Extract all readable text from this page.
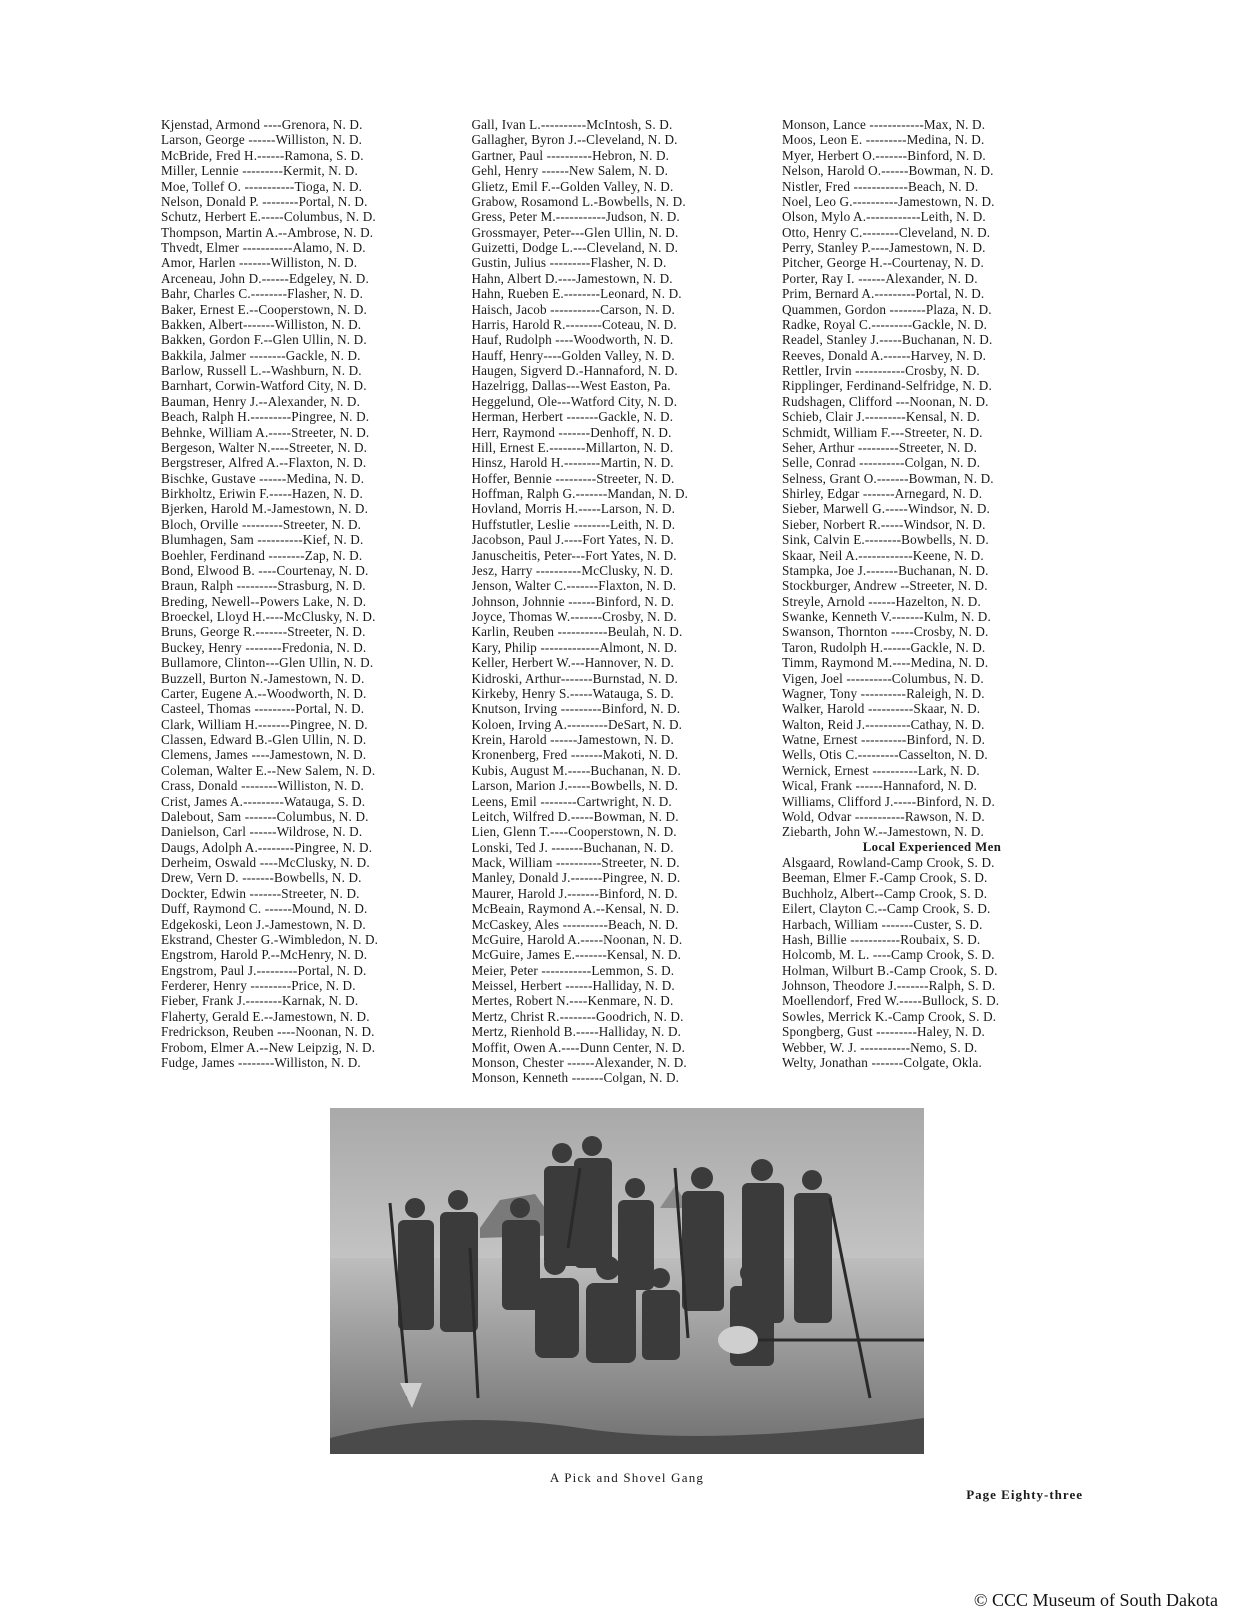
Kjenstad, Armond ----Grenora, N. D.
Larson, George ------Williston, N. D.
McBride, Fred H.------Ramona, S. D.
Miller, Lennie ---------Kermit, N. D.
Moe, Tollef O. -----------Tioga, N. D.
Nelson, Donald P. --------Portal, N. D.
Schutz, Herbert E.-----Columbus, N. D.
Thompson, Martin A.--Ambrose, N. D.
Thvedt, Elmer -----------Alamo, N. D.
Amor, Harlen -------Williston, N. D.
Arceneau, John D.------Edgeley, N. D.
Bahr, Charles C.--------Flasher, N. D.
Baker, Ernest E.--Cooperstown, N. D.
Bakken, Albert-------Williston, N. D.
Bakken, Gordon F.--Glen Ullin, N. D.
Bakkila, Jalmer --------Gackle, N. D.
Barlow, Russell L.--Washburn, N. D.
Barnhart, Corwin-Watford City, N. D.
Bauman, Henry J.--Alexander, N. D.
Beach, Ralph H.---------Pingree, N. D.
Behnke, William A.-----Streeter, N. D.
Bergeson, Walter N.----Streeter, N. D.
Bergstreser, Alfred A.--Flaxton, N. D.
Bischke, Gustave ------Medina, N. D.
Birkholtz, Eriwin F.-----Hazen, N. D.
Bjerken, Harold M.-Jamestown, N. D.
Bloch, Orville ---------Streeter, N. D.
Blumhagen, Sam ----------Kief, N. D.
Boehler, Ferdinand --------Zap, N. D.
Bond, Elwood B. ----Courtenay, N. D.
Braun, Ralph ---------Strasburg, N. D.
Breding, Newell--Powers Lake, N. D.
Broeckel, Lloyd H.----McClusky, N. D.
Bruns, George R.-------Streeter, N. D.
Buckey, Henry --------Fredonia, N. D.
Bullamore, Clinton---Glen Ullin, N. D.
Buzzell, Burton N.-Jamestown, N. D.
Carter, Eugene A.--Woodworth, N. D.
Casteel, Thomas ---------Portal, N. D.
Clark, William H.-------Pingree, N. D.
Classen, Edward B.-Glen Ullin, N. D.
Clemens, James ----Jamestown, N. D.
Coleman, Walter E.--New Salem, N. D.
Crass, Donald --------Williston, N. D.
Crist, James A.---------Watauga, S. D.
Dalebout, Sam -------Columbus, N. D.
Danielson, Carl ------Wildrose, N. D.
Daugs, Adolph A.--------Pingree, N. D.
Derheim, Oswald ----McClusky, N. D.
Drew, Vern D. -------Bowbells, N. D.
Dockter, Edwin -------Streeter, N. D.
Duff, Raymond C. ------Mound, N. D.
Edgekoski, Leon J.-Jamestown, N. D.
Ekstrand, Chester G.-Wimbledon, N. D.
Engstrom, Harold P.--McHenry, N. D.
Engstrom, Paul J.---------Portal, N. D.
Ferderer, Henry ---------Price, N. D.
Fieber, Frank J.--------Karnak, N. D.
Flaherty, Gerald E.--Jamestown, N. D.
Fredrickson, Reuben ----Noonan, N. D.
Frobom, Elmer A.--New Leipzig, N. D.
Fudge, James --------Williston, N. D.
Gall, Ivan L.----------McIntosh, S. D.
Gallagher, Byron J.--Cleveland, N. D.
Gartner, Paul ----------Hebron, N. D.
Gehl, Henry ------New Salem, N. D.
Glietz, Emil F.--Golden Valley, N. D.
Grabow, Rosamond L.-Bowbells, N. D.
Gress, Peter M.-----------Judson, N. D.
Grossmayer, Peter---Glen Ullin, N. D.
Guizetti, Dodge L.---Cleveland, N. D.
Gustin, Julius ---------Flasher, N. D.
Hahn, Albert D.----Jamestown, N. D.
Hahn, Rueben E.--------Leonard, N. D.
Haisch, Jacob -----------Carson, N. D.
Harris, Harold R.--------Coteau, N. D.
Hauf, Rudolph ----Woodworth, N. D.
Hauff, Henry----Golden Valley, N. D.
Haugen, Sigverd D.-Hannaford, N. D.
Hazelrigg, Dallas---West Easton, Pa.
Heggelund, Ole---Watford City, N. D.
Herman, Herbert -------Gackle, N. D.
Herr, Raymond -------Denhoff, N. D.
Hill, Ernest E.--------Millarton, N. D.
Hinsz, Harold H.--------Martin, N. D.
Hoffer, Bennie ---------Streeter, N. D.
Hoffman, Ralph G.-------Mandan, N. D.
Hovland, Morris H.-----Larson, N. D.
Huffstutler, Leslie --------Leith, N. D.
Jacobson, Paul J.----Fort Yates, N. D.
Januscheitis, Peter---Fort Yates, N. D.
Jesz, Harry ----------McClusky, N. D.
Jenson, Walter C.-------Flaxton, N. D.
Johnson, Johnnie ------Binford, N. D.
Joyce, Thomas W.-------Crosby, N. D.
Karlin, Reuben -----------Beulah, N. D.
Kary, Philip -------------Almont, N. D.
Keller, Herbert W.---Hannover, N. D.
Kidroski, Arthur-------Burnstad, N. D.
Kirkeby, Henry S.-----Watauga, S. D.
Knutson, Irving ---------Binford, N. D.
Koloen, Irving A.---------DeSart, N. D.
Krein, Harold ------Jamestown, N. D.
Kronenberg, Fred -------Makoti, N. D.
Kubis, August M.-----Buchanan, N. D.
Larson, Marion J.-----Bowbells, N. D.
Leens, Emil --------Cartwright, N. D.
Leitch, Wilfred D.-----Bowman, N. D.
Lien, Glenn T.----Cooperstown, N. D.
Lonski, Ted J. -------Buchanan, N. D.
Mack, William ----------Streeter, N. D.
Manley, Donald J.-------Pingree, N. D.
Maurer, Harold J.-------Binford, N. D.
McBeain, Raymond A.--Kensal, N. D.
McCaskey, Ales ----------Beach, N. D.
McGuire, Harold A.-----Noonan, N. D.
McGuire, James E.-------Kensal, N. D.
Meier, Peter -----------Lemmon, S. D.
Meissel, Herbert ------Halliday, N. D.
Mertes, Robert N.----Kenmare, N. D.
Mertz, Christ R.--------Goodrich, N. D.
Mertz, Rienhold B.-----Halliday, N. D.
Moffit, Owen A.----Dunn Center, N. D.
Monson, Chester ------Alexander, N. D.
Monson, Kenneth -------Colgan, N. D.
Monson, Lance ------------Max, N. D.
Moos, Leon E. ---------Medina, N. D.
Myer, Herbert O.-------Binford, N. D.
Nelson, Harold O.------Bowman, N. D.
Nistler, Fred ------------Beach, N. D.
Noel, Leo G.----------Jamestown, N. D.
Olson, Mylo A.------------Leith, N. D.
Otto, Henry C.--------Cleveland, N. D.
Perry, Stanley P.----Jamestown, N. D.
Pitcher, George H.--Courtenay, N. D.
Porter, Ray I. ------Alexander, N. D.
Prim, Bernard A.---------Portal, N. D.
Quammen, Gordon --------Plaza, N. D.
Radke, Royal C.---------Gackle, N. D.
Readel, Stanley J.-----Buchanan, N. D.
Reeves, Donald A.------Harvey, N. D.
Rettler, Irvin -----------Crosby, N. D.
Ripplinger, Ferdinand-Selfridge, N. D.
Rudshagen, Clifford ---Noonan, N. D.
Schieb, Clair J.---------Kensal, N. D.
Schmidt, William F.---Streeter, N. D.
Seher, Arthur ---------Streeter, N. D.
Selle, Conrad ----------Colgan, N. D.
Selness, Grant O.-------Bowman, N. D.
Shirley, Edgar -------Arnegard, N. D.
Sieber, Marwell G.-----Windsor, N. D.
Sieber, Norbert R.-----Windsor, N. D.
Sink, Calvin E.--------Bowbells, N. D.
Skaar, Neil A.------------Keene, N. D.
Stampka, Joe J.-------Buchanan, N. D.
Stockburger, Andrew --Streeter, N. D.
Streyle, Arnold ------Hazelton, N. D.
Swanke, Kenneth V.-------Kulm, N. D.
Swanson, Thornton -----Crosby, N. D.
Taron, Rudolph H.------Gackle, N. D.
Timm, Raymond M.----Medina, N. D.
Vigen, Joel ----------Columbus, N. D.
Wagner, Tony ----------Raleigh, N. D.
Walker, Harold ----------Skaar, N. D.
Walton, Reid J.----------Cathay, N. D.
Watne, Ernest ----------Binford, N. D.
Wells, Otis C.---------Casselton, N. D.
Wernick, Ernest ----------Lark, N. D.
Wical, Frank ------Hannaford, N. D.
Williams, Clifford J.-----Binford, N. D.
Wold, Odvar -----------Rawson, N. D.
Ziebarth, John W.--Jamestown, N. D.
Local Experienced Men
Alsgaard, Rowland-Camp Crook, S. D.
Beeman, Elmer F.-Camp Crook, S. D.
Buchholz, Albert--Camp Crook, S. D.
Eilert, Clayton C.--Camp Crook, S. D.
Harbach, William -------Custer, S. D.
Hash, Billie -----------Roubaix, S. D.
Holcomb, M. L. ----Camp Crook, S. D.
Holman, Wilburt B.-Camp Crook, S. D.
Johnson, Theodore J.-------Ralph, S. D.
Moellendorf, Fred W.-----Bullock, S. D.
Sowles, Merrick K.-Camp Crook, S. D.
Spongberg, Gust ---------Haley, N. D.
Webber, W. J. -----------Nemo, S. D.
Welty, Jonathan -------Colgate, Okla.
A Pick and Shovel Gang
Page Eighty-three
© CCC Museum of South Dakota
